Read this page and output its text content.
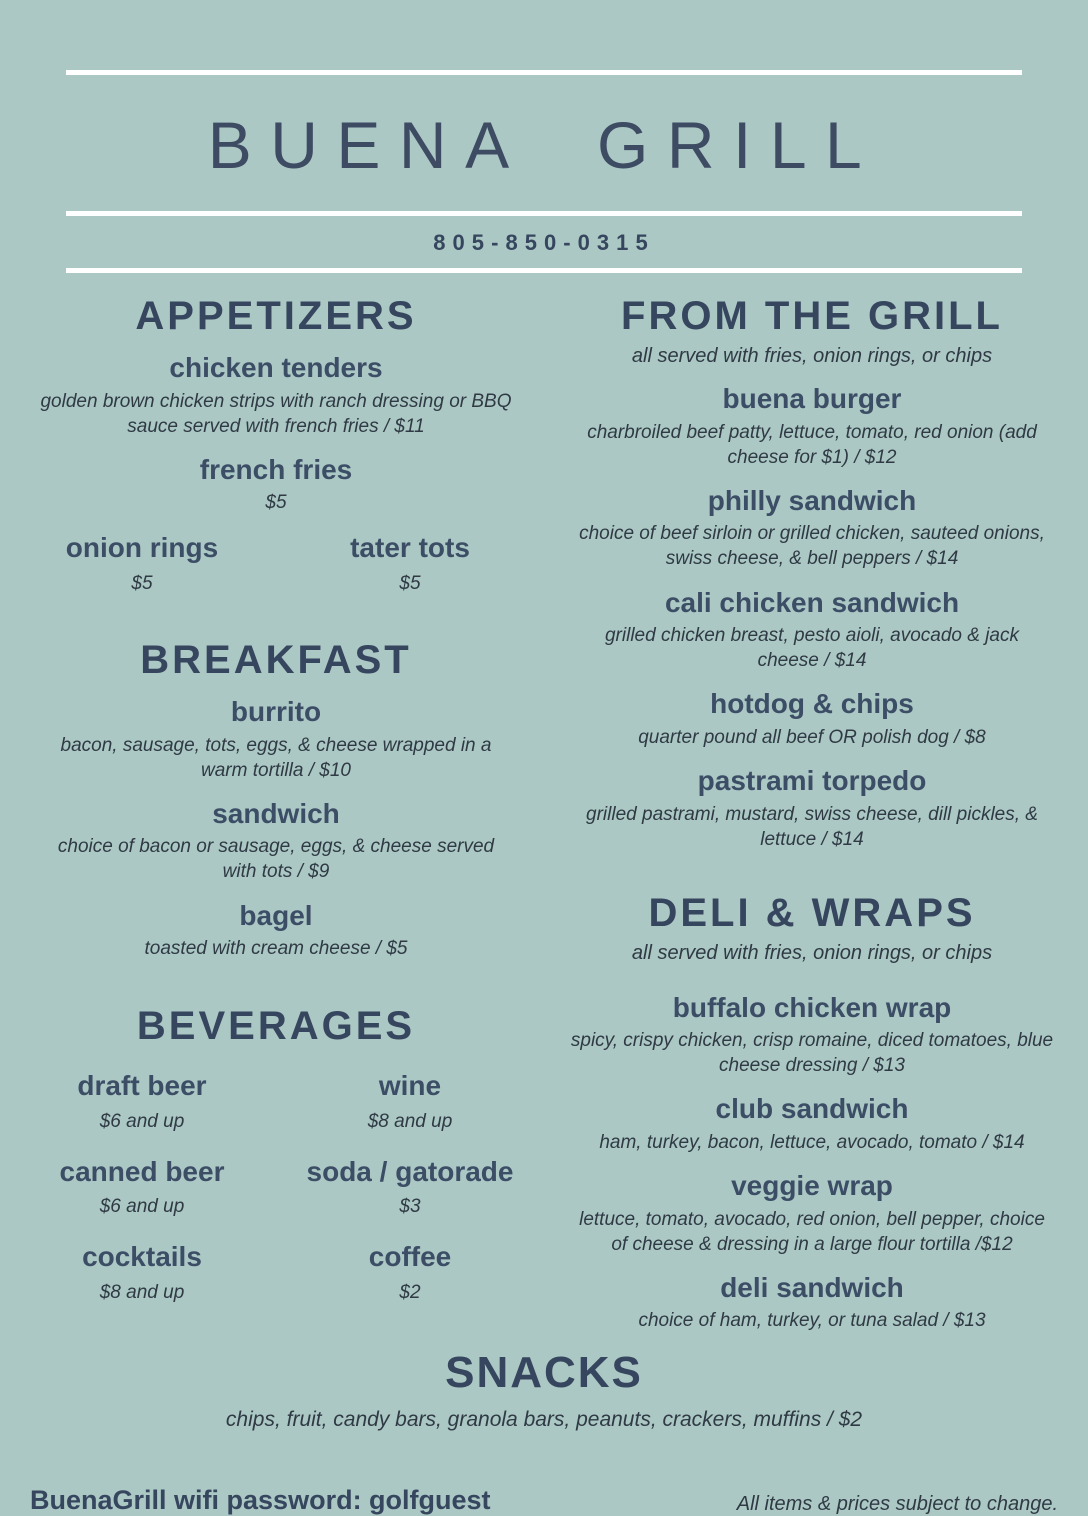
BUENA GRILL
805-850-0315
APPETIZERS
chicken tenders
golden brown chicken strips with ranch dressing or BBQ sauce served with french fries / $11
french fries
$5
onion rings
$5
tater tots
$5
BREAKFAST
burrito
bacon, sausage, tots, eggs, & cheese wrapped in a warm tortilla / $10
sandwich
choice of bacon or sausage, eggs, & cheese served with tots / $9
bagel
toasted with cream cheese / $5
BEVERAGES
draft beer
$6 and up
wine
$8 and up
canned beer
$6 and up
soda / gatorade
$3
cocktails
$8 and up
coffee
$2
FROM THE GRILL
all served with fries, onion rings, or chips
buena burger
charbroiled beef patty, lettuce, tomato, red onion (add cheese for $1) / $12
philly sandwich
choice of beef sirloin or grilled chicken, sauteed onions, swiss cheese, & bell peppers / $14
cali chicken sandwich
grilled chicken breast, pesto aioli, avocado & jack cheese / $14
hotdog & chips
quarter pound all beef OR polish dog / $8
pastrami torpedo
grilled pastrami, mustard, swiss cheese, dill pickles, & lettuce / $14
DELI & WRAPS
all served with fries, onion rings, or chips
buffalo chicken wrap
spicy, crispy chicken, crisp romaine, diced tomatoes, blue cheese dressing / $13
club sandwich
ham, turkey, bacon, lettuce, avocado, tomato / $14
veggie wrap
lettuce, tomato, avocado, red onion, bell pepper, choice of cheese & dressing in a large flour tortilla /$12
deli sandwich
choice of ham, turkey, or tuna salad / $13
SNACKS
chips, fruit, candy bars, granola bars, peanuts, crackers, muffins / $2
BuenaGrill wifi password: golfguest	All items & prices subject to change.
